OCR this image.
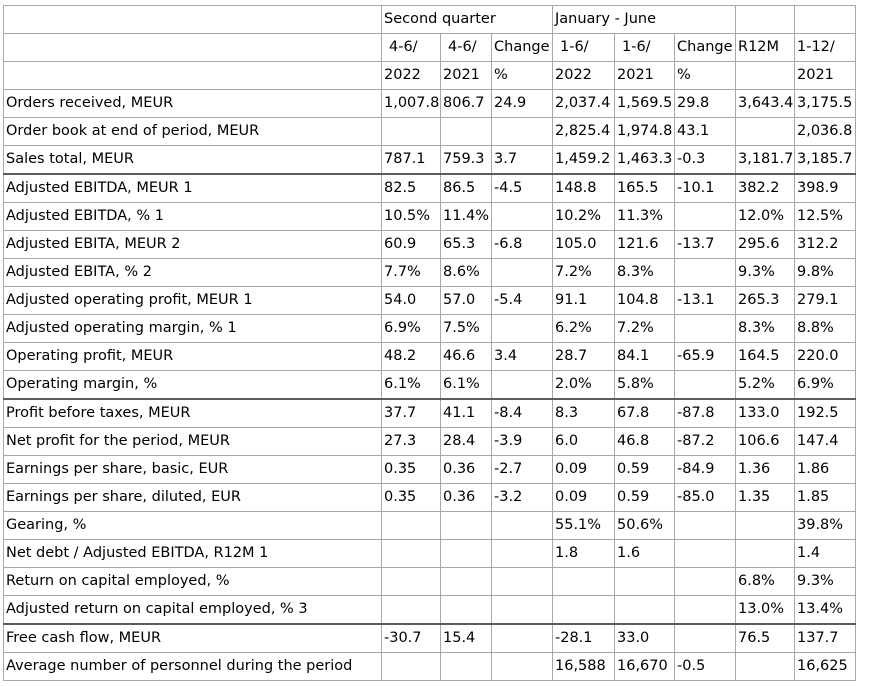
	Second quarter			January - June				
	4-6/	4-6/	Change	1-6/	1-6/	Change	R12M	1-12/
	2022	2021	%	2022	2021	%		2021
Orders received, MEUR	1,007.8	806.7	24.9	2,037.4	1,569.5	29.8	3,643.4	3,175.5
Order book at end of period, MEUR				2,825.4	1,974.8	43.1		2,036.8
Sales total, MEUR	787.1	759.3	3.7	1,459.2	1,463.3	-0.3	3,181.7	3,185.7
Adjusted EBITDA, MEUR 1	82.5	86.5	-4.5	148.8	165.5	-10.1	382.2	398.9
Adjusted EBITDA, % 1	10.5%	11.4%		10.2%	11.3%		12.0%	12.5%
Adjusted EBITA, MEUR 2	60.9	65.3	-6.8	105.0	121.6	-13.7	295.6	312.2
Adjusted EBITA, % 2	7.7%	8.6%		7.2%	8.3%		9.3%	9.8%
Adjusted operating profit, MEUR 1	54.0	57.0	-5.4	91.1	104.8	-13.1	265.3	279.1
Adjusted operating margin, % 1	6.9%	7.5%		6.2%	7.2%		8.3%	8.8%
Operating profit, MEUR	48.2	46.6	3.4	28.7	84.1	-65.9	164.5	220.0
Operating margin, %	6.1%	6.1%		2.0%	5.8%		5.2%	6.9%
Profit before taxes, MEUR	37.7	41.1	-8.4	8.3	67.8	-87.8	133.0	192.5
Net profit for the period, MEUR	27.3	28.4	-3.9	6.0	46.8	-87.2	106.6	147.4
Earnings per share, basic, EUR	0.35	0.36	-2.7	0.09	0.59	-84.9	1.36	1.86
Earnings per share, diluted, EUR	0.35	0.36	-3.2	0.09	0.59	-85.0	1.35	1.85
Gearing, %				55.1%	50.6%			39.8%
Net debt / Adjusted EBITDA, R12M 1				1.8	1.6			1.4
Return on capital employed, %							6.8%	9.3%
Adjusted return on capital employed, % 3							13.0%	13.4%
Free cash flow, MEUR	-30.7	15.4		-28.1	33.0		76.5	137.7
Average number of personnel during the period				16,588	16,670	-0.5		16,625
